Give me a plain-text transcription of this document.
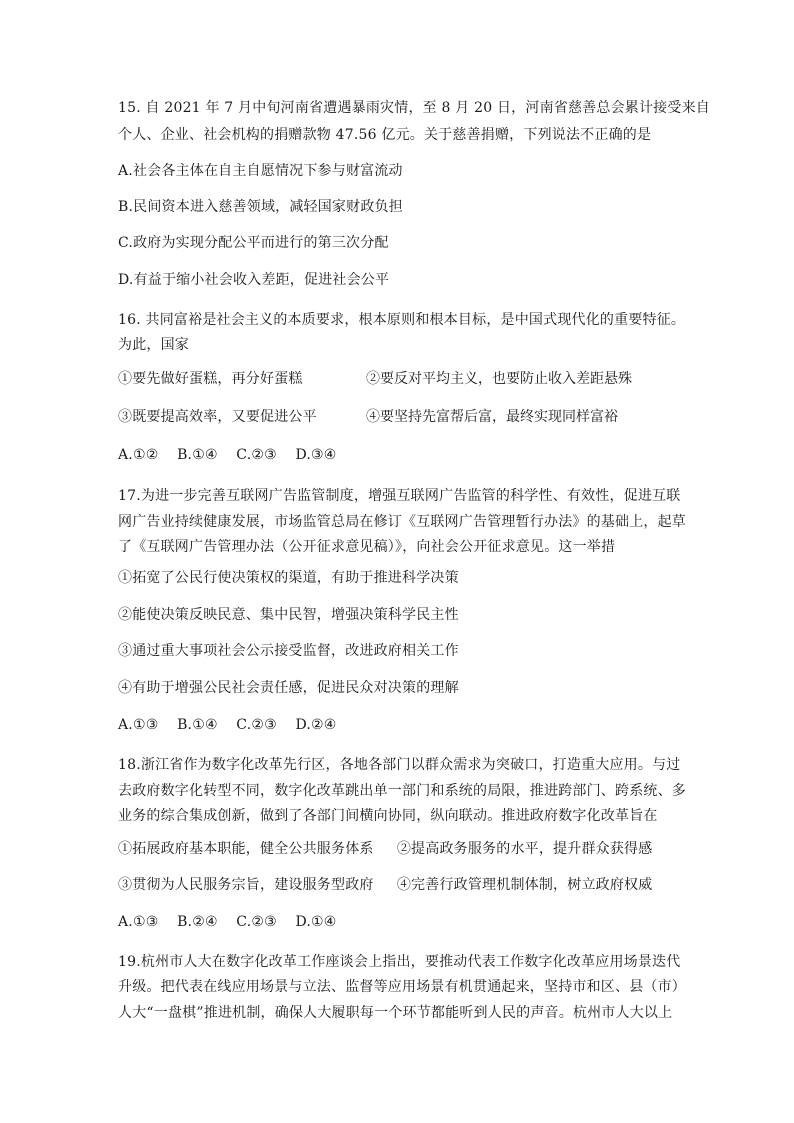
15. 自 2021 年 7 月中旬河南省遭遇暴雨灾情，至 8 月 20 日，河南省慈善总会累计接受来自
个人、企业、社会机构的捐赠款物 47.56 亿元。关于慈善捐赠，下列说法不正确的是
A.社会各主体在自主自愿情况下参与财富流动
B.民间资本进入慈善领域，减轻国家财政负担
C.政府为实现分配公平而进行的第三次分配
D.有益于缩小社会收入差距，促进社会公平
16. 共同富裕是社会主义的本质要求，根本原则和根本目标，是中国式现代化的重要特征。
为此，国家
①要先做好蛋糕，再分好蛋糕	②要反对平均主义，也要防止收入差距悬殊
③既要提高效率，又要促进公平	④要坚持先富帮后富，最终实现同样富裕
A.①②    B.①④    C.②③    D.③④
17.为进一步完善互联网广告监管制度，增强互联网广告监管的科学性、有效性，促进互联
网广告业持续健康发展，市场监管总局在修订《互联网广告管理暂行办法》的基础上，起草
了《互联网广告管理办法（公开征求意见稿）》，向社会公开征求意见。这一举措
①拓宽了公民行使决策权的渠道，有助于推进科学决策
②能使决策反映民意、集中民智，增强决策科学民主性
③通过重大事项社会公示接受监督，改进政府相关工作
④有助于增强公民社会责任感，促进民众对决策的理解
A.①③    B.①④    C.②③    D.②④
18.浙江省作为数字化改革先行区，各地各部门以群众需求为突破口，打造重大应用。与过
去政府数字化转型不同，数字化改革跳出单一部门和系统的局限，推进跨部门、跨系统、多
业务的综合集成创新，做到了各部门间横向协同，纵向联动。推进政府数字化改革旨在
①拓展政府基本职能，健全公共服务体系     ②提高政务服务的水平，提升群众获得感
③贯彻为人民服务宗旨，建设服务型政府     ④完善行政管理机制体制，树立政府权威
A.①③    B.②④    C.②③    D.①④
19.杭州市人大在数字化改革工作座谈会上指出，要推动代表工作数字化改革应用场景迭代
升级。把代表在线应用场景与立法、监督等应用场景有机贯通起来，坚持市和区、县（市）
人大“一盘棋”推进机制，确保人大履职每一个环节都能听到人民的声音。杭州市人大以上
